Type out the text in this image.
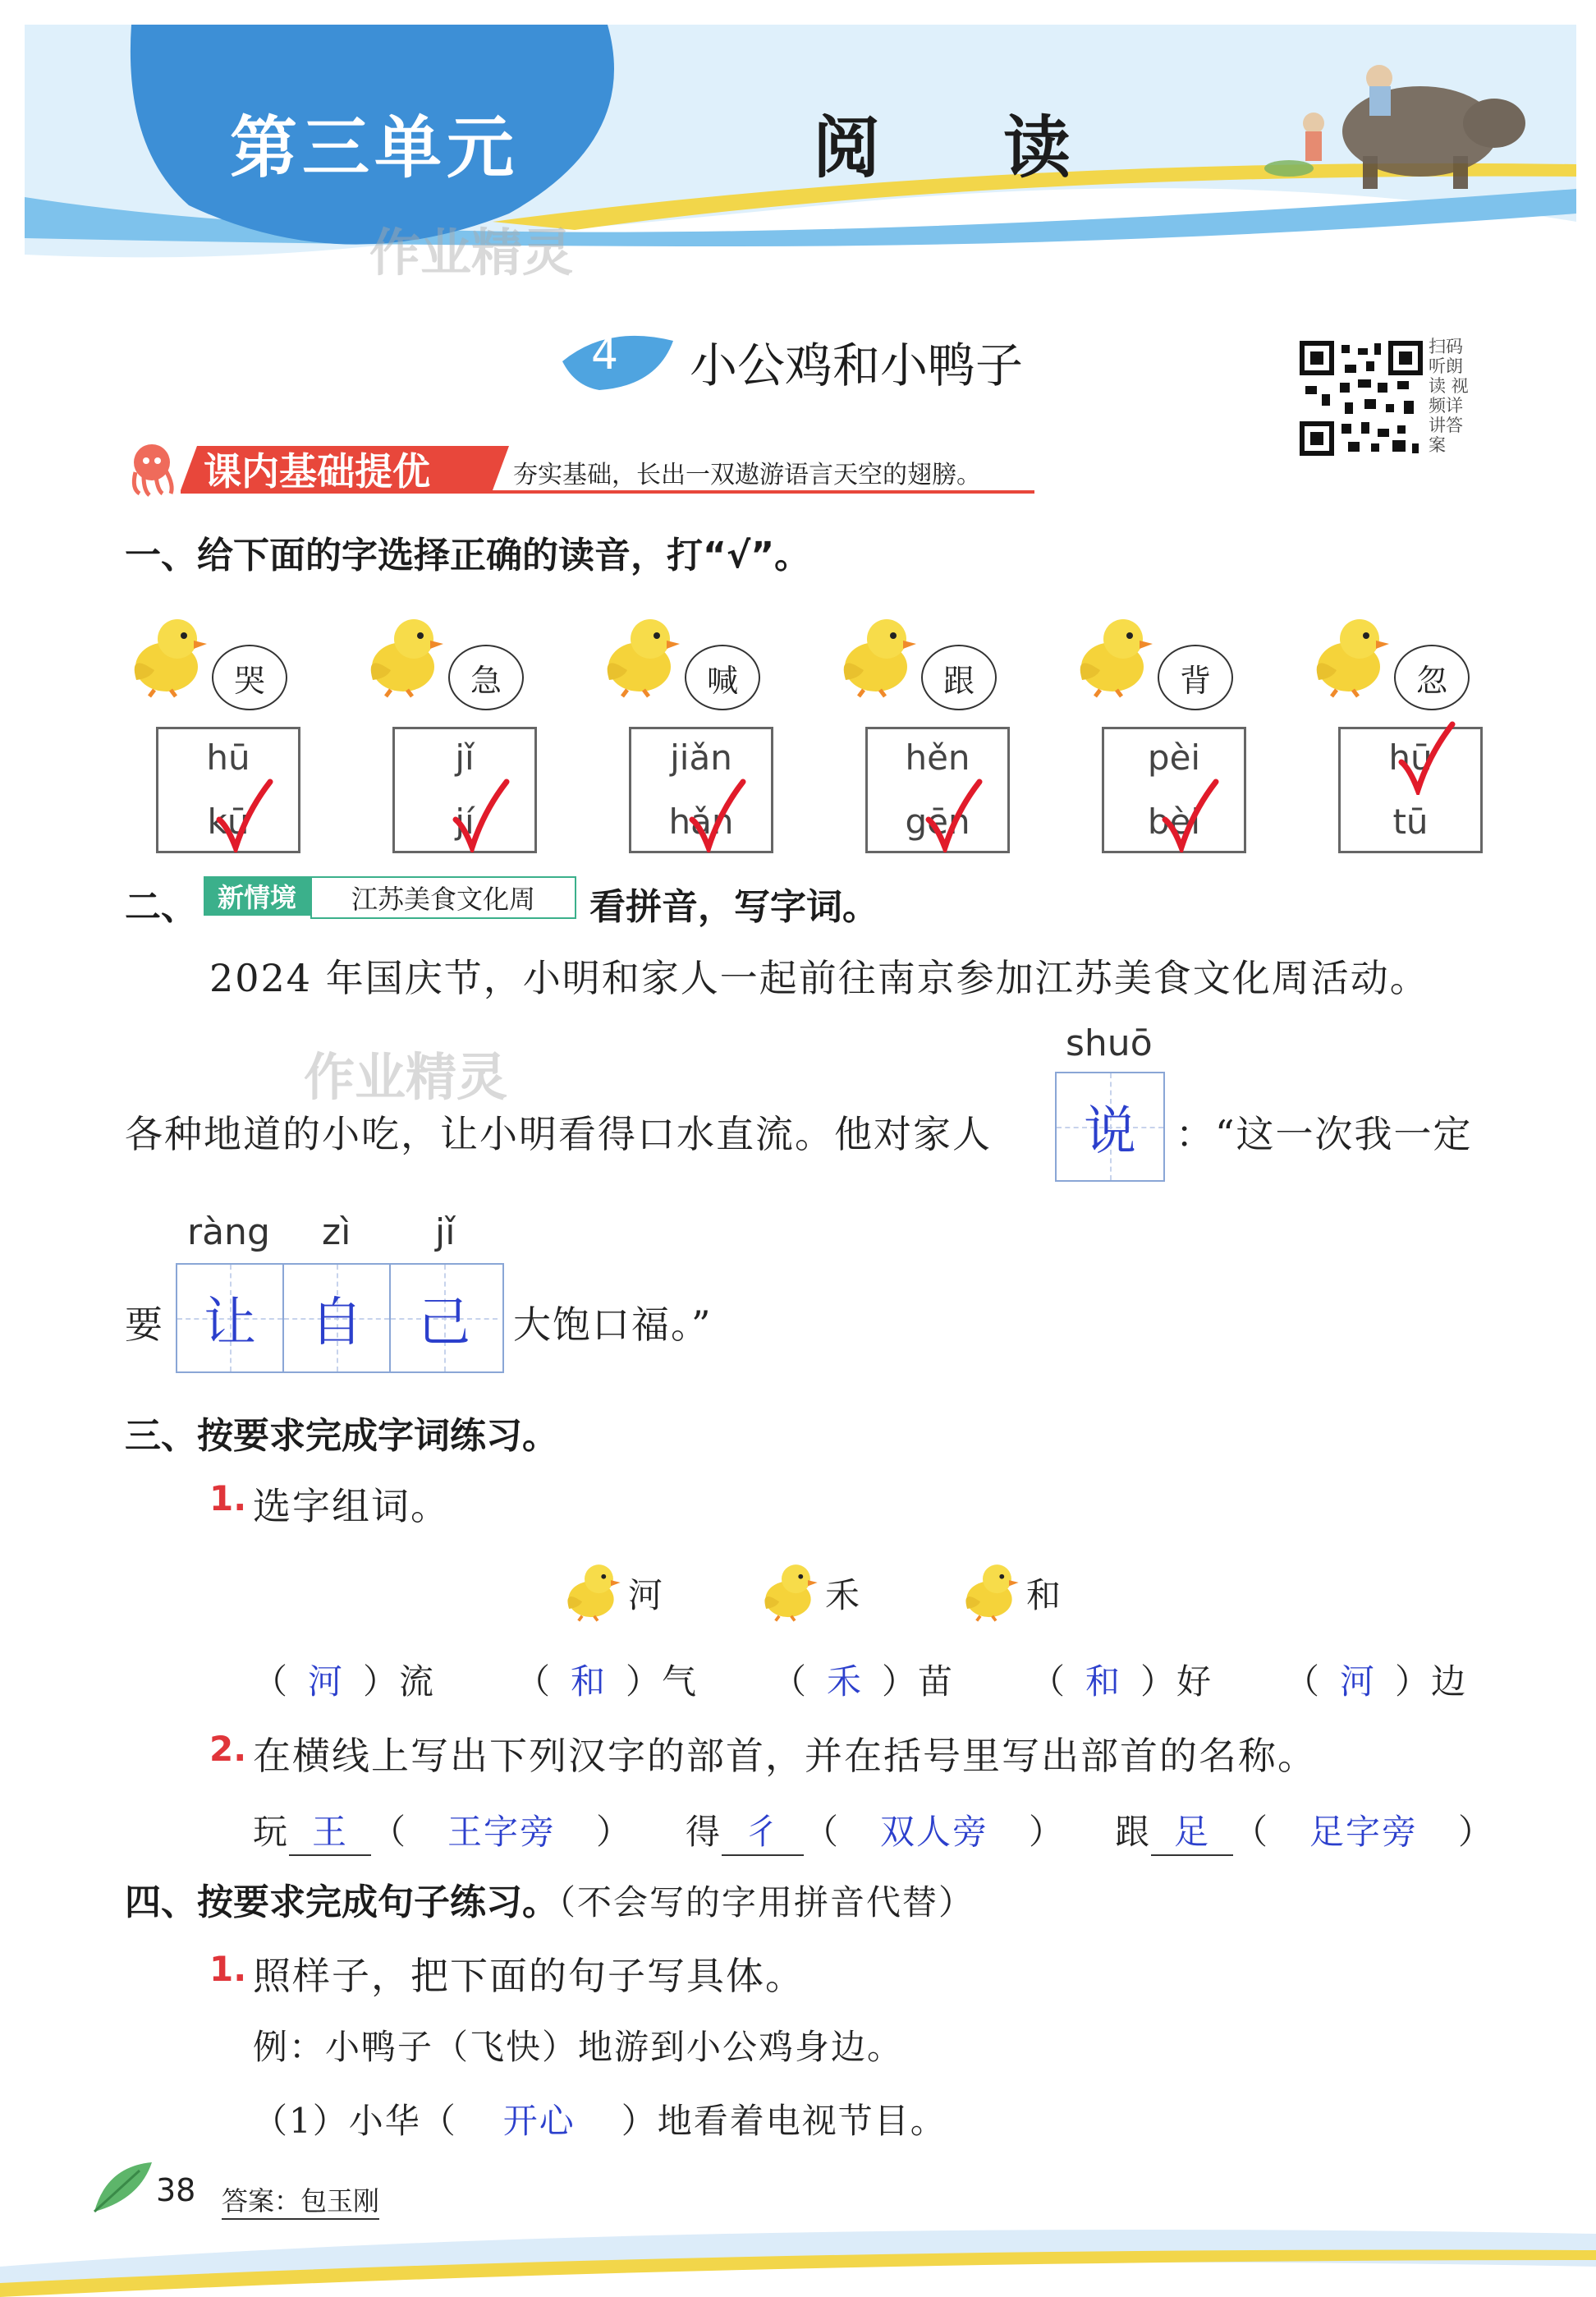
第三单元	阅读
作业精灵
4 小公鸡和小鸭子	扫码听朗读 视频详讲答案
课内基础提优	夯实基础，长出一双遨游语言天空的翅膀。
一、给下面的字选择正确的读音，打“√”。
哭
hū
kū
急
jǐ
jí
喊
jiǎn
hǎn
跟
hěn
gēn
背
pèi
bèi
忽
hū
tū
二、 新情境	江苏美食文化周	看拼音，写字词。
2024 年国庆节，小明和家人一起前往南京参加江苏美食文化周活动。
作业精灵
shuō
各种地道的小吃，让小明看得口水直流。他对家人 说 ：“这一次我一定
ràng zì jǐ
要 让 自 己 大饱口福。”
三、按要求完成字词练习。
1. 选字组词。
河	禾	和
（ 河 ）流 （ 和 ）气 （ 禾 ）苗 （ 和 ）好 （ 河 ）边
2. 在横线上写出下列汉字的部首，并在括号里写出部首的名称。
玩 王 （ 王字旁 ） 得 彳 （ 双人旁 ） 跟 足 （ 足字旁 ）
四、按要求完成句子练习。（不会写的字用拼音代替）
1. 照样子，把下面的句子写具体。
例：小鸭子（飞快）地游到小公鸡身边。
（1）小华（ 开心 ）地看着电视节目。
38 答案：包玉刚
